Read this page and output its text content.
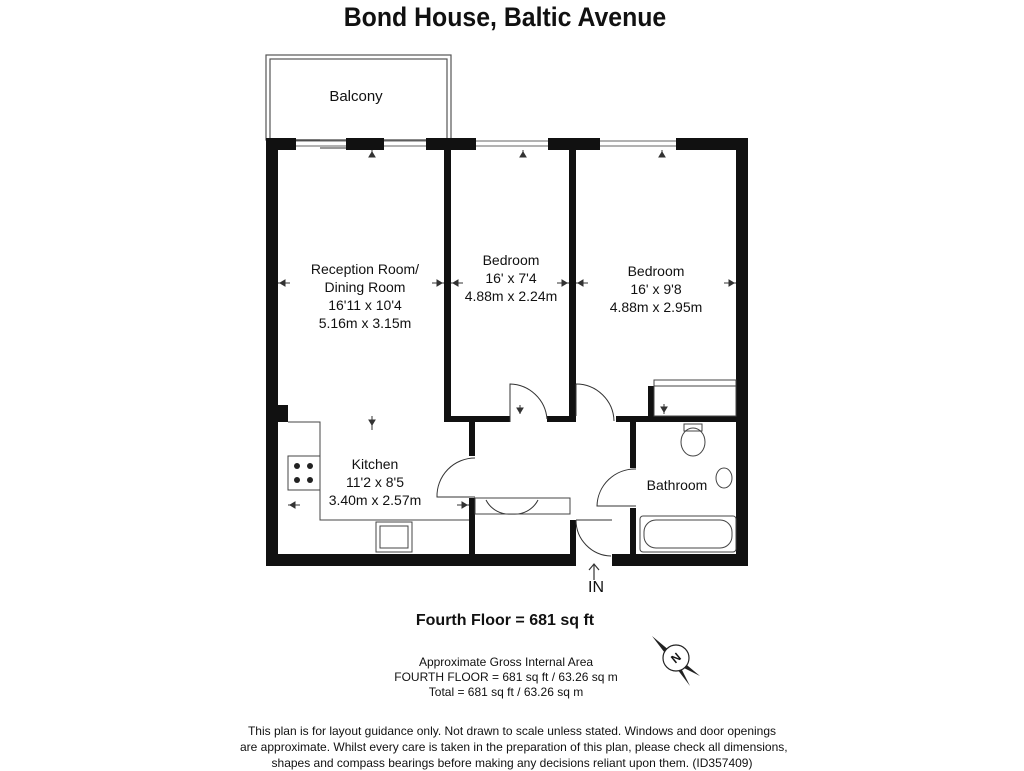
Bond House, Baltic Avenue
Balcony
Reception Room/
Dining Room
16'11 x 10'4
5.16m x 3.15m
Bedroom
16' x 7'4
4.88m x 2.24m
Bedroom
16' x 9'8
4.88m x 2.95m
Kitchen
11'2 x 8'5
3.40m x 2.57m
Bathroom
IN
Fourth Floor = 681 sq ft
Approximate Gross Internal Area
FOURTH FLOOR = 681 sq ft / 63.26 sq m
Total = 681 sq ft / 63.26 sq m
N
This plan is for layout guidance only. Not drawn to scale unless stated. Windows and door openings
are approximate. Whilst every care is taken in the preparation of this plan, please check all dimensions,
shapes and compass bearings before making any decisions reliant upon them. (ID357409)
